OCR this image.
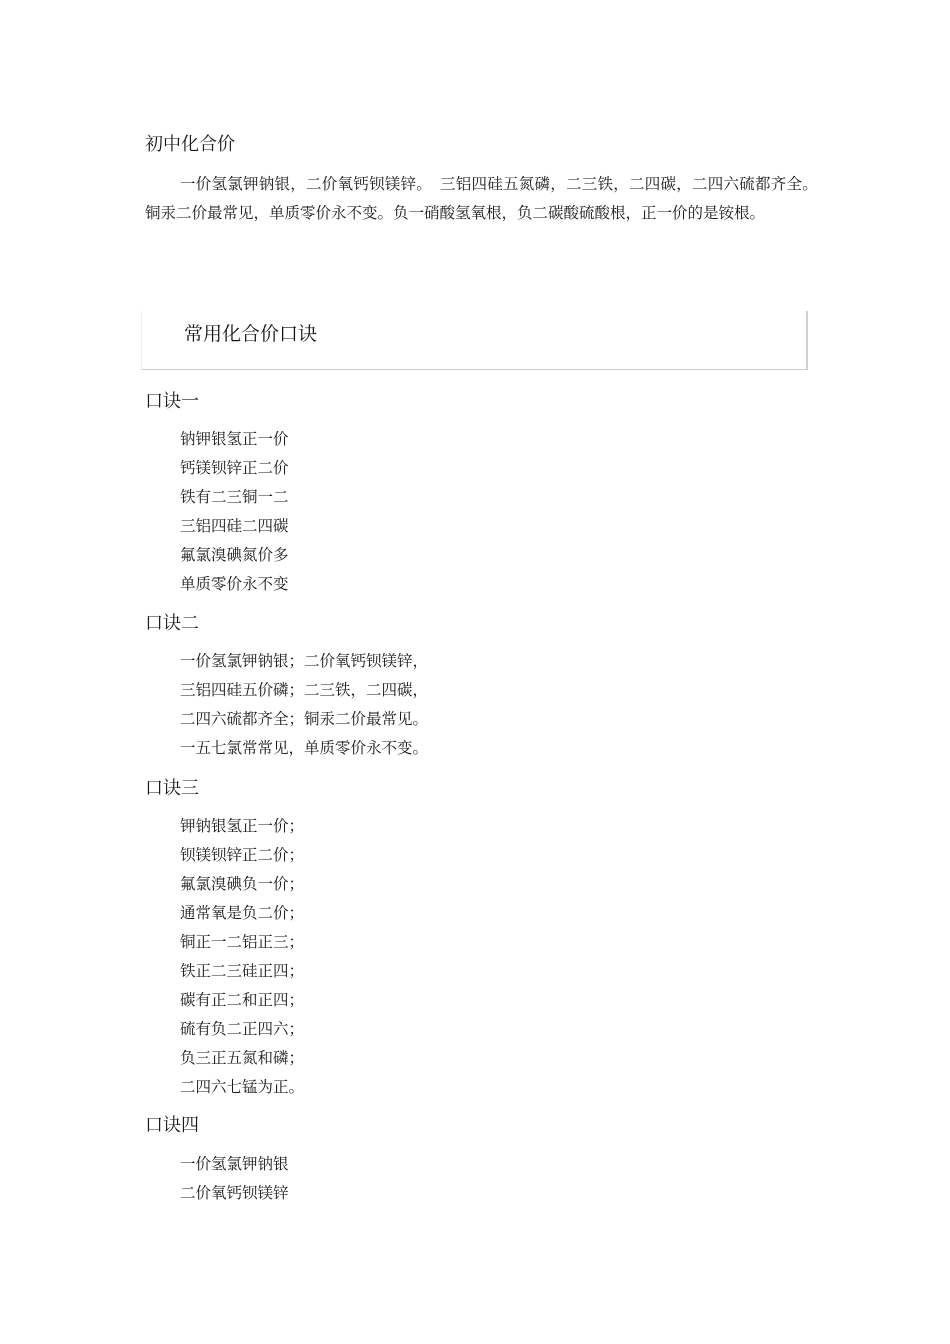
初中化合价

一价氢氯钾钠银，二价氧钙钡镁锌。　三铝四硅五氮磷，二三铁，二四碳，二四六硫都齐全。　铜汞二价最常见，单质零价永不变。负一硝酸氢氧根，负二碳酸硫酸根，正一价的是铵根。

常用化合价口诀
口诀一
钠钾银氢正一价
钙镁钡锌正二价
铁有二三铜一二
三铝四硅二四碳
氟氯溴碘氮价多
单质零价永不变
口诀二
一价氢氯钾钠银；二价氧钙钡镁锌，
三铝四硅五价磷；二三铁，二四碳，
二四六硫都齐全；铜汞二价最常见。
一五七氯常常见，单质零价永不变。
口诀三
钾钠银氢正一价；
钡镁钡锌正二价；
氟氯溴碘负一价；
通常氧是负二价；
铜正一二铝正三；
铁正二三硅正四；
碳有正二和正四；
硫有负二正四六；
负三正五氮和磷；
二四六七锰为正。
口诀四
一价氢氯钾钠银
二价氧钙钡镁锌
